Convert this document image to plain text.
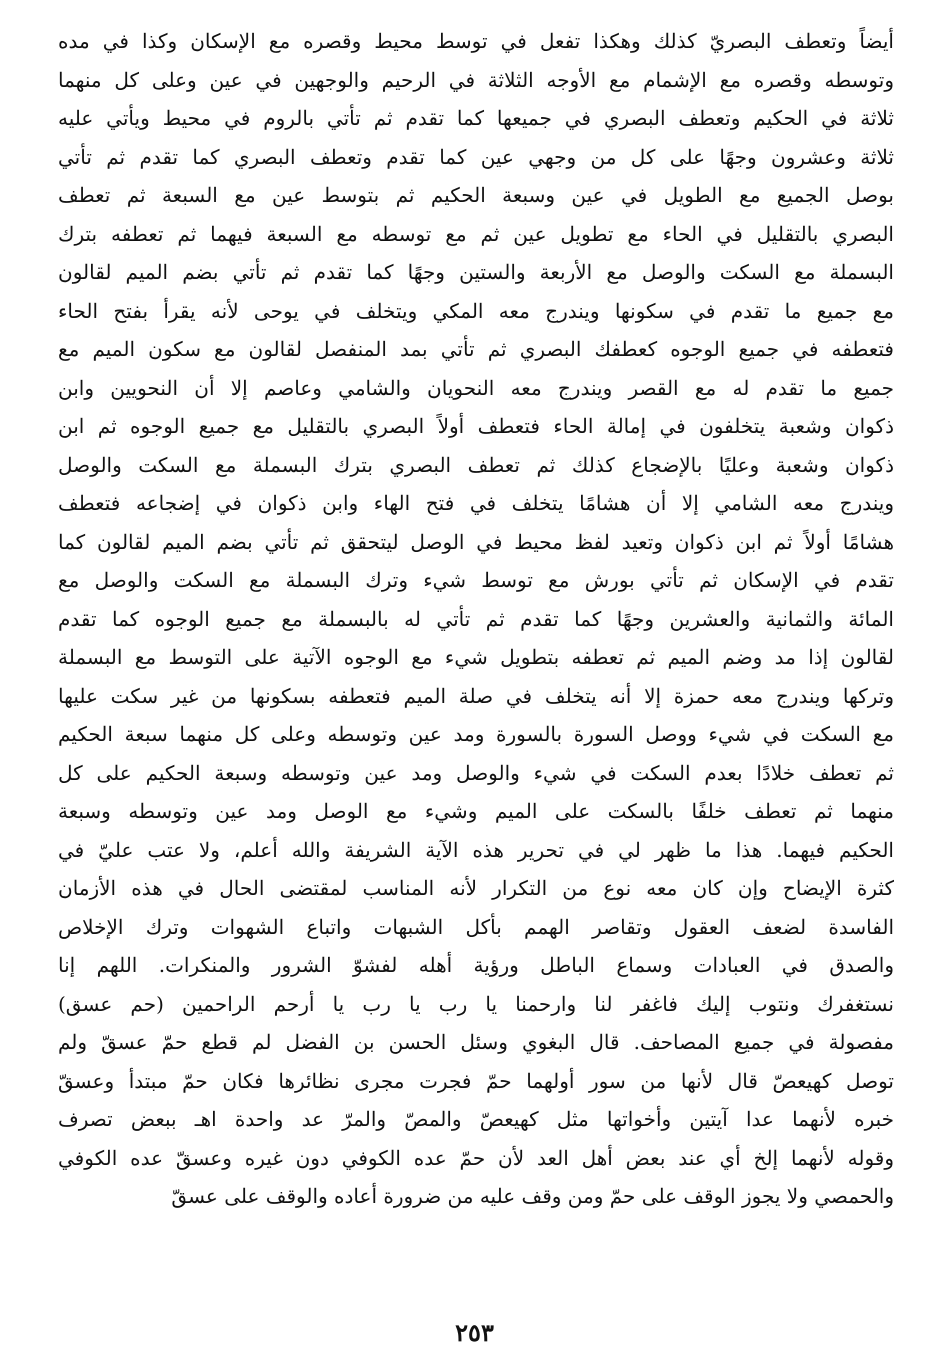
أيضاً وتعطف البصريّ كذلك وهكذا تفعل في توسط محيط وقصره مع الإسكان وكذا في مده
وتوسطه وقصره مع الإشمام مع الأوجه الثلاثة في الرحيم والوجهين في عين وعلى كل منهما
ثلاثة في الحكيم وتعطف البصري في جميعها كما تقدم ثم تأتي بالروم في محيط ويأتي عليه
ثلاثة وعشرون وجهًا على كل من وجهي عين كما تقدم وتعطف البصري كما تقدم ثم تأتي
بوصل الجميع مع الطويل في عين وسبعة الحكيم ثم بتوسط عين مع السبعة ثم تعطف
البصري بالتقليل في الحاء مع تطويل عين ثم مع توسطه مع السبعة فيهما ثم تعطفه بترك
البسملة مع السكت والوصل مع الأربعة والستين وجهًا كما تقدم ثم تأتي بضم الميم لقالون
مع جميع ما تقدم في سكونها ويندرج معه المكي ويتخلف في يوحى لأنه يقرأ بفتح الحاء
فتعطفه في جميع الوجوه كعطفك البصري ثم تأتي بمد المنفصل لقالون مع سكون الميم مع
جميع ما تقدم له مع القصر ويندرج معه النحويان والشامي وعاصم إلا أن النحويين وابن
ذكوان وشعبة يتخلفون في إمالة الحاء فتعطف أولاً البصري بالتقليل مع جميع الوجوه ثم ابن
ذكوان وشعبة وعليًا بالإضجاع كذلك ثم تعطف البصري بترك البسملة مع السكت والوصل
ويندرج معه الشامي إلا أن هشامًا يتخلف في فتح الهاء وابن ذكوان في إضجاعه فتعطف
هشامًا أولاً ثم ابن ذكوان وتعيد لفظ محيط في الوصل ليتحقق ثم تأتي بضم الميم لقالون كما
تقدم في الإسكان ثم تأتي بورش مع توسط شيء وترك البسملة مع السكت والوصل مع
المائة والثمانية والعشرين وجهًا كما تقدم ثم تأتي له بالبسملة مع جميع الوجوه كما تقدم
لقالون إذا مد وضم الميم ثم تعطفه بتطويل شيء مع الوجوه الآتية على التوسط مع البسملة
وتركها ويندرج معه حمزة إلا أنه يتخلف في صلة الميم فتعطفه بسكونها من غير سكت عليها
مع السكت في شيء ووصل السورة بالسورة ومد عين وتوسطه وعلى كل منهما سبعة الحكيم
ثم تعطف خلادًا بعدم السكت في شيء والوصل ومد عين وتوسطه وسبعة الحكيم على كل
منهما ثم تعطف خلفًا بالسكت على الميم وشيء مع الوصل ومد عين وتوسطه وسبعة
الحكيم فيهما. هذا ما ظهر لي في تحرير هذه الآية الشريفة والله أعلم، ولا عتب عليّ في
كثرة الإيضاح وإن كان معه نوع من التكرار لأنه المناسب لمقتضى الحال في هذه الأزمان
الفاسدة لضعف العقول وتقاصر الهمم بأكل الشبهات واتباع الشهوات وترك الإخلاص
والصدق في العبادات وسماع الباطل ورؤية أهله لفشوّ الشرور والمنكرات. اللهم إنا
نستغفرك ونتوب إليك فاغفر لنا وارحمنا يا رب يا رب يا أرحم الراحمين (حم عسق)
مفصولة في جميع المصاحف. قال البغوي وسئل الحسن بن الفضل لم قطع حمّ عسقّ ولم
توصل كهيعصّ قال لأنها من سور أولهما حمّ فجرت مجرى نظائرها فكان حمّ مبتدأ وعسقّ
خبره لأنهما عدا آيتين وأخواتها مثل كهيعصّ والمصّ والمرّ عد واحدة اهـ ببعض تصرف
وقوله لأنهما إلخ أي عند بعض أهل العد لأن حمّ عده الكوفي دون غيره وعسقّ عده الكوفي
والحمصي ولا يجوز الوقف على حمّ ومن وقف عليه من ضرورة أعاده والوقف على عسقّ
٢٥٣
